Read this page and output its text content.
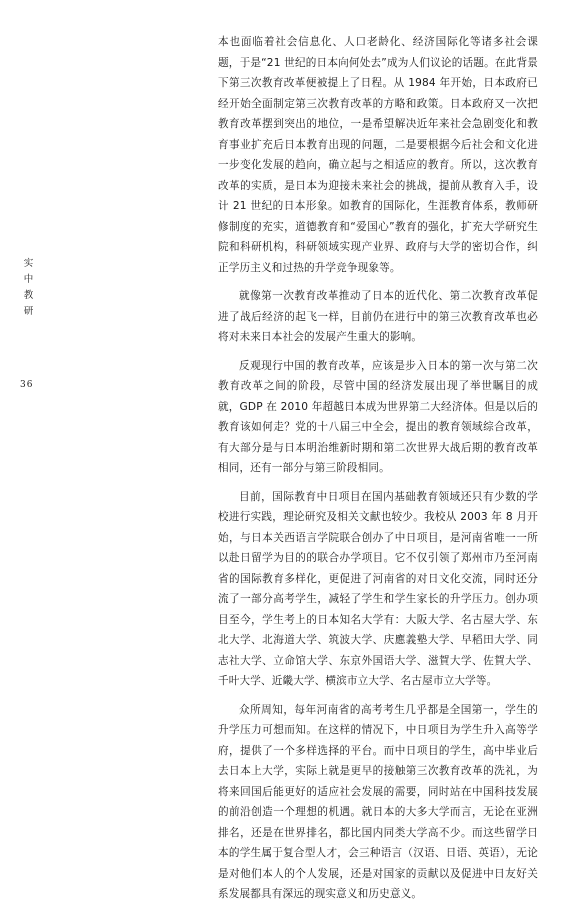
实
中
教
研
36

本也面临着社会信息化、人口老龄化、经济国际化等诸多社会课题，于是“21 世纪的日本向何处去”成为人们议论的话题。在此背景下第三次教育改革便被提上了日程。从 1984 年开始，日本政府已经开始全面制定第三次教育改革的方略和政策。日本政府又一次把教育改革摆到突出的地位，一是希望解决近年来社会急剧变化和教育事业扩充后日本教育出现的问题，二是要根据今后社会和文化进一步变化发展的趋向，确立起与之相适应的教育。所以，这次教育改革的实质，是日本为迎接未来社会的挑战，提前从教育入手，设计 21 世纪的日本形象。如教育的国际化，生涯教育体系，教师研修制度的充实，道德教育和“爱国心”教育的强化，扩充大学研究生院和科研机构，科研领域实现产业界、政府与大学的密切合作，纠正学历主义和过热的升学竞争现象等。

就像第一次教育改革推动了日本的近代化、第二次教育改革促进了战后经济的起飞一样，目前仍在进行中的第三次教育改革也必将对未来日本社会的发展产生重大的影响。

反观现行中国的教育改革，应该是步入日本的第一次与第二次教育改革之间的阶段，尽管中国的经济发展出现了举世瞩目的成就，GDP 在 2010 年超越日本成为世界第二大经济体。但是以后的教育该如何走？党的十八届三中全会，提出的教育领域综合改革，有大部分是与日本明治维新时期和第二次世界大战后期的教育改革相同，还有一部分与第三阶段相同。

目前，国际教育中日项目在国内基础教育领域还只有少数的学校进行实践，理论研究及相关文献也较少。我校从 2003 年 8 月开始，与日本关西语言学院联合创办了中日项目，是河南省唯一一所以赴日留学为目的的联合办学项目。它不仅引领了郑州市乃至河南省的国际教育多样化，更促进了河南省的对日文化交流，同时还分流了一部分高考学生，减轻了学生和学生家长的升学压力。创办项目至今，学生考上的日本知名大学有：大阪大学、名古屋大学、东北大学、北海道大学、筑波大学、庆應義塾大学、早稻田大学、同志社大学、立命馆大学、东京外国语大学、滋賀大学、佐賀大学、千叶大学、近畿大学、横滨市立大学、名古屋市立大学等。

众所周知，每年河南省的高考考生几乎都是全国第一，学生的升学压力可想而知。在这样的情况下，中日项目为学生升入高等学府，提供了一个多样选择的平台。而中日项目的学生，高中毕业后去日本上大学，实际上就是更早的接触第三次教育改革的洗礼，为将来回国后能更好的适应社会发展的需要，同时站在中国科技发展的前沿创造一个理想的机遇。就日本的大多大学而言，无论在亚洲排名，还是在世界排名，都比国内同类大学高不少。而这些留学日本的学生属于复合型人才，会三种语言（汉语、日语、英语），无论是对他们本人的个人发展，还是对国家的贡献以及促进中日友好关系发展都具有深远的现实意义和历史意义。
